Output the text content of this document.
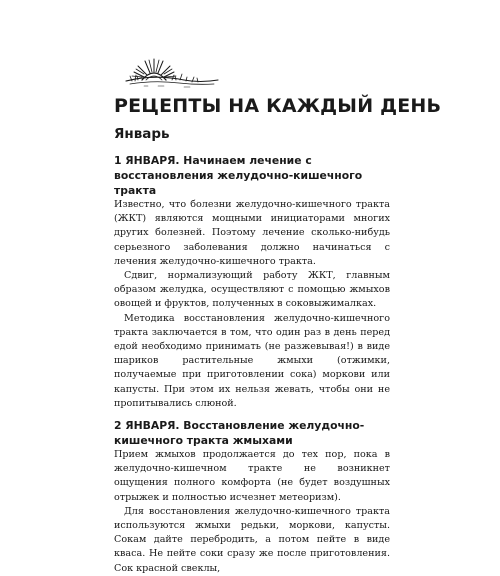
РЕЦЕПТЫ НА КАЖДЫЙ ДЕНЬ
Январь
1 ЯНВАРЯ. Начинаем лечение с восстановления желудочно-кишечного тракта

Известно, что болезни желудочно-кишечного тракта (ЖКТ) являются мощными инициаторами многих других болезней. Поэтому лечение сколько-нибудь серьезного заболевания должно начинаться с лечения желудочно-кишечного тракта.

Сдвиг, нормализующий работу ЖКТ, главным образом желудка, осуществляют с помощью жмыхов овощей и фруктов, полученных в соковыжималках.

Методика восстановления желудочно-кишечного тракта заключается в том, что один раз в день перед едой необходимо принимать (не разжевывая!) в виде шариков растительные жмыхи (отжимки, получаемые при приготовлении сока) моркови или капусты. При этом их нельзя жевать, чтобы они не пропитывались слюной.

2 ЯНВАРЯ. Восстановление желудочно-кишечного тракта жмыхами

Прием жмыхов продолжается до тех пор, пока в желудочно-кишечном тракте не возникнет ощущения полного комфорта (не будет воздушных отрыжек и полностью исчезнет метеоризм).

Для восстановления желудочно-кишечного тракта используются жмыхи редьки, моркови, капусты. Сокам дайте перебродить, а потом пейте в виде кваса. Не пейте соки сразу же после приготовления. Сок красной свеклы,
